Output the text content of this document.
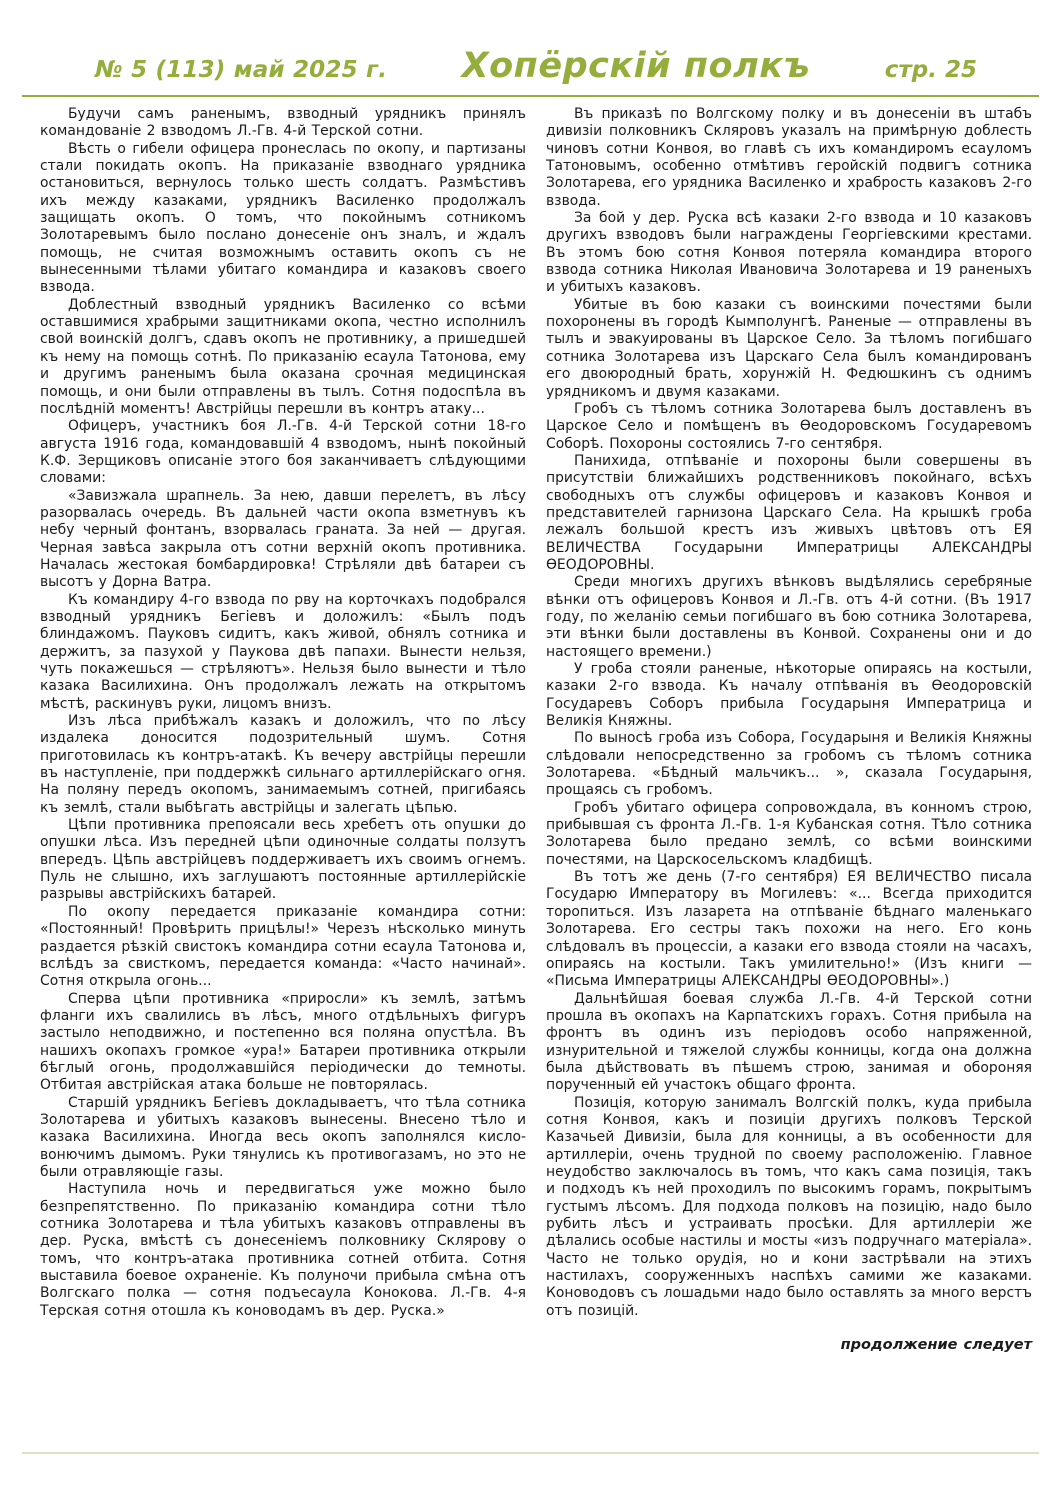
№ 5 (113) май 2025 г. Хопёрскій полкъ	стр. 25

Будучи самъ раненымъ, взводный урядникъ принялъ командованіе 2 взводомъ Л.-Гв. 4-й Терской сотни.

Вѣсть о гибели офицера пронеслась по окопу, и партизаны стали покидать окопъ. На приказаніе взводнаго урядника остановиться, вернулось только шесть солдатъ. Размѣстивъ ихъ между казаками, урядникъ Василенко продолжалъ защищать окопъ. О томъ, что покойнымъ сотникомъ Золотаревымъ было послано донесеніе онъ зналъ, и ждалъ помощь, не считая возможнымъ оставить окопъ съ не вынесенными тѣлами убитаго командира и казаковъ своего взвода.

Доблестный взводный урядникъ Василенко со всѣми оставшимися храбрыми защитниками окопа, честно исполнилъ свой воинскій долгъ, сдавъ окопъ не противнику, а пришедшей къ нему на помощь сотнѣ. По приказанію есаула Татонова, ему и другимъ раненымъ была оказана срочная медицинская помощь, и они были отправлены въ тылъ. Сотня подоспѣла въ послѣдній моментъ! Австрійцы перешли въ контръ атаку...

Офицеръ, участникъ боя Л.-Гв. 4-й Терской сотни 18-го августа 1916 года, командовавшій 4 взводомъ, нынѣ покойный К.Ф. Зерщиковъ описаніе этого боя заканчиваетъ слѣдующими словами:

«Завизжала шрапнель. За нею, давши перелетъ, въ лѣсу разорвалась очередь. Въ дальней части окопа взметнувъ къ небу черный фонтанъ, взорвалась граната. За ней — другая. Черная завѣса закрыла отъ сотни верхній окопъ противника. Началась жестокая бомбардировка! Стрѣляли двѣ батареи съ высотъ у Дорна Ватра.

Къ командиру 4-го взвода по рву на корточкахъ подобрался взводный урядникъ Бегіевъ и доложилъ: «Былъ подъ блиндажомъ. Пауковъ сидитъ, какъ живой, обнялъ сотника и держитъ, за пазухой у Паукова двѣ папахи. Вынести нельзя, чуть покажешься — стрѣляютъ». Нельзя было вынести и тѣло казака Василихина. Онъ продолжалъ лежать на открытомъ мѣстѣ, раскинувъ руки, лицомъ внизъ.

Изъ лѣса прибѣжалъ казакъ и доложилъ, что по лѣсу издалека доносится подозрительный шумъ. Сотня приготовилась къ контръ-атакѣ. Къ вечеру австрійцы перешли въ наступленіе, при поддержкѣ сильнаго артиллерійскаго огня. На поляну передъ окопомъ, занимаемымъ сотней, пригибаясь къ землѣ, стали выбѣгать австрійцы и залегать цѣпью.

Цѣпи противника препоясали весь хребетъ оть опушки до опушки лѣса. Изъ передней цѣпи одиночные солдаты ползутъ впередъ. Цѣпь австрійцевъ поддерживаетъ ихъ своимъ огнемъ. Пуль не слышно, ихъ заглушаютъ постоянные артиллерійскіе разрывы австрійскихъ батарей.

По окопу передается приказаніе командира сотни: «Постоянный! Провѣрить прицѣлы!» Черезъ нѣсколько минуть раздается рѣзкій свистокъ командира сотни есаула Татонова и, вслѣдъ за свисткомъ, передается команда: «Часто начинай». Сотня открыла огонь...

Сперва цѣпи противника «приросли» къ землѣ, затѣмъ фланги ихъ свалились въ лѣсъ, много отдѣльныхъ фигуръ застыло неподвижно, и постепенно вся поляна опустѣла. Въ нашихъ окопахъ громкое «ура!» Батареи противника открыли бѣглый огонь, продолжавшійся періодически до темноты. Отбитая австрійская атака больше не повторялась.

Старшій урядникъ Бегіевъ докладываетъ, что тѣла сотника Золотарева и убитыхъ казаковъ вынесены. Внесено тѣло и казака Василихина. Иногда весь окопъ заполнялся кисло-вонючимъ дымомъ. Руки тянулись къ противогазамъ, но это не были отравляющіе газы.

Наступила ночь и передвигаться уже можно было безпрепятственно. По приказанію командира сотни тѣло сотника Золотарева и тѣла убитыхъ казаковъ отправлены въ дер. Руска, вмѣстѣ съ донесеніемъ полковнику Склярову о томъ, что контръ-атака противника сотней отбита. Сотня выставила боевое охраненіе. Къ полуночи прибыла смѣна отъ Волгскаго полка — сотня подъесаула Конокова. Л.-Гв. 4-я Терская сотня отошла къ коноводамъ въ дер. Руска.»

Въ приказѣ по Волгскому полку и въ донесеніи въ штабъ дивизіи полковникъ Скляровъ указалъ на примѣрную доблесть чиновъ сотни Конвоя, во главѣ съ ихъ командиромъ есауломъ Татоновымъ, особенно отмѣтивъ геройскій подвигъ сотника Золотарева, его урядника Василенко и храбрость казаковъ 2-го взвода.

За бой у дер. Руска всѣ казаки 2-го взвода и 10 казаковъ другихъ взводовъ были награждены Георгіевскими крестами. Въ этомъ бою сотня Конвоя потеряла командира второго взвода сотника Николая Ивановича Золотарева и 19 раненыхъ и убитыхъ казаковъ.

Убитые въ бою казаки съ воинскими почестями были похоронены въ городѣ Кымполунгѣ. Раненые — отправлены въ тылъ и эвакуированы въ Царское Село. За тѣломъ погибшаго сотника Золотарева изъ Царскаго Села былъ командированъ его двоюродный брать, хорунжій Н. Федюшкинъ съ однимъ урядникомъ и двумя казаками.

Гробъ съ тѣломъ сотника Золотарева былъ доставленъ въ Царское Село и помѣщенъ въ Ѳеодоровскомъ Государевомъ Соборѣ. Похороны состоялись 7-го сентября.

Панихида, отпѣваніе и похороны были совершены въ присутствіи ближайшихъ родственниковъ покойнаго, всѣхъ свободныхъ отъ службы офицеровъ и казаковъ Конвоя и представителей гарнизона Царскаго Села. На крышкѣ гроба лежалъ большой крестъ изъ живыхъ цвѣтовъ отъ ЕЯ ВЕЛИЧЕСТВА Государыни Императрицы АЛЕКСАНДРЫ ѲЕОДОРОВНЫ.

Среди многихъ другихъ вѣнковъ выдѣлялись серебряные вѣнки отъ офицеровъ Конвоя и Л.-Гв. отъ 4-й сотни. (Въ 1917 году, по желанію семьи погибшаго въ бою сотника Золотарева, эти вѣнки были доставлены въ Конвой. Сохранены они и до настоящего времени.)

У гроба стояли раненые, нѣкоторые опираясь на костыли, казаки 2-го взвода. Къ началу отпѣванія въ Ѳеодоровскій Государевъ Соборъ прибыла Государыня Императрица и Великія Княжны.

По выносѣ гроба изъ Собора, Государыня и Великія Княжны слѣдовали непосредственно за гробомъ съ тѣломъ сотника Золотарева. «Бѣдный мальчикъ... », сказала Государыня, прощаясь съ гробомъ.

Гробъ убитаго офицера сопровождала, въ конномъ строю, прибывшая съ фронта Л.-Гв. 1-я Кубанская сотня. Тѣло сотника Золотарева было предано землѣ, со всѣми воинскими почестями, на Царскосельскомъ кладбищѣ.

Въ тотъ же день (7-го сентября) ЕЯ ВЕЛИЧЕСТВО писала Государю Императору въ Могилевъ: «... Всегда приходится торопиться. Изъ лазарета на отпѣваніе бѣднаго маленькаго Золотарева. Его сестры такъ похожи на него. Его конь слѣдовалъ въ процессіи, а казаки его взвода стояли на часахъ, опираясь на костыли. Такъ умилительно!» (Изъ книги — «Письма Императрицы АЛЕКСАНДРЫ ѲЕОДОРОВНЫ».)

Дальнѣйшая боевая служба Л.-Гв. 4-й Терской сотни прошла въ окопахъ на Карпатскихъ горахъ. Сотня прибыла на фронтъ въ одинъ изъ періодовъ особо напряженной, изнурительной и тяжелой службы конницы, когда она должна была дѣйствовать въ пѣшемъ строю, занимая и обороняя порученный ей участокъ общаго фронта.

Позиція, которую занималъ Волгскій полкъ, куда прибыла сотня Конвоя, какъ и позиціи другихъ полковъ Терской Казачьей Дивизіи, была для конницы, а въ особенности для артиллеріи, очень трудной по своему расположенію. Главное неудобство заключалось въ томъ, что какъ сама позиція, такъ и подходъ къ ней проходилъ по высокимъ горамъ, покрытымъ густымъ лѣсомъ. Для подхода полковъ на позицію, надо было рубить лѣсъ и устраивать просѣки. Для артиллеріи же дѣлались особые настилы и мосты «изъ подручнаго матеріала». Часто не только орудія, но и кони застрѣвали на этихъ настилахъ, сооруженныхъ наспѣхъ самими же казаками. Коноводовъ съ лошадьми надо было оставлять за много верстъ отъ позицій.

продолжение следует
